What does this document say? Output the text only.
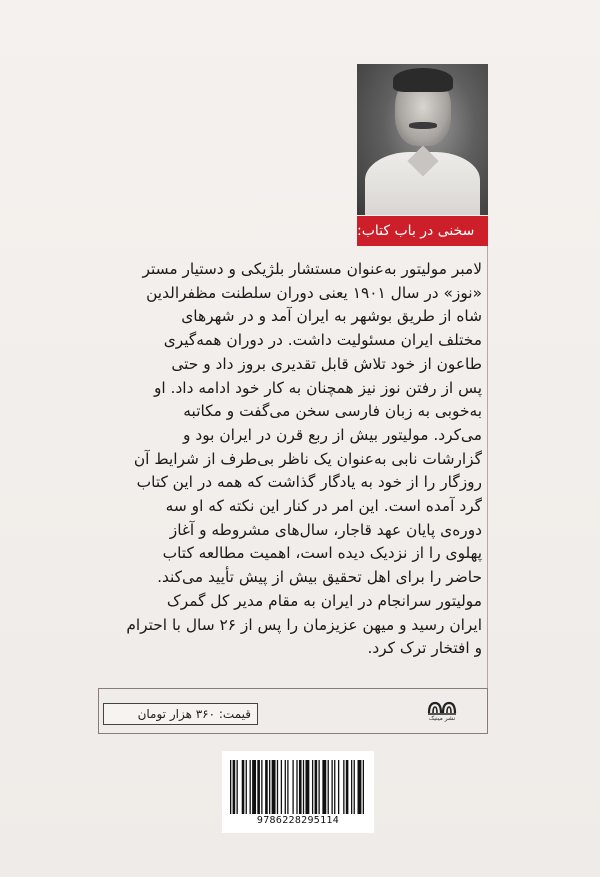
سخنی در باب کتاب:
لامبر مولیتور به‌عنوان مستشار بلژیکی و دستیار مستر
«نوز» در سال ۱۹۰۱ یعنی دوران سلطنت مظفرالدین
شاه از طریق بوشهر به ایران آمد و در شهرهای
مختلف ایران مسئولیت داشت. در دوران همه‌گیری
طاعون از خود تلاش قابل تقدیری بروز داد و حتی
پس از رفتن نوز نیز همچنان به کار خود ادامه داد. او
به‌خوبی به زبان فارسی سخن می‌گفت و مکاتبه
می‌کرد. مولیتور بیش از ربع قرن در ایران بود و
گزارشات نابی به‌عنوان یک ناظر بی‌طرف از شرایط آن
روزگار را از خود به یادگار گذاشت که همه در این کتاب
گرد آمده است. این امر در کنار این نکته که او سه
دوره‌ی پایان عهد قاجار، سال‌های مشروطه و آغاز
پهلوی را از نزدیک دیده است، اهمیت مطالعه کتاب
حاضر را برای اهل تحقیق بیش از پیش تأیید می‌کند.
مولیتور سرانجام در ایران به مقام مدیر کل گمرک
ایران رسید و میهن عزیزمان را پس از ۲۶ سال با احترام
و افتخار ترک کرد.
قیمت: ۳۶۰ هزار تومان	نشر مینیک
9786228295114
